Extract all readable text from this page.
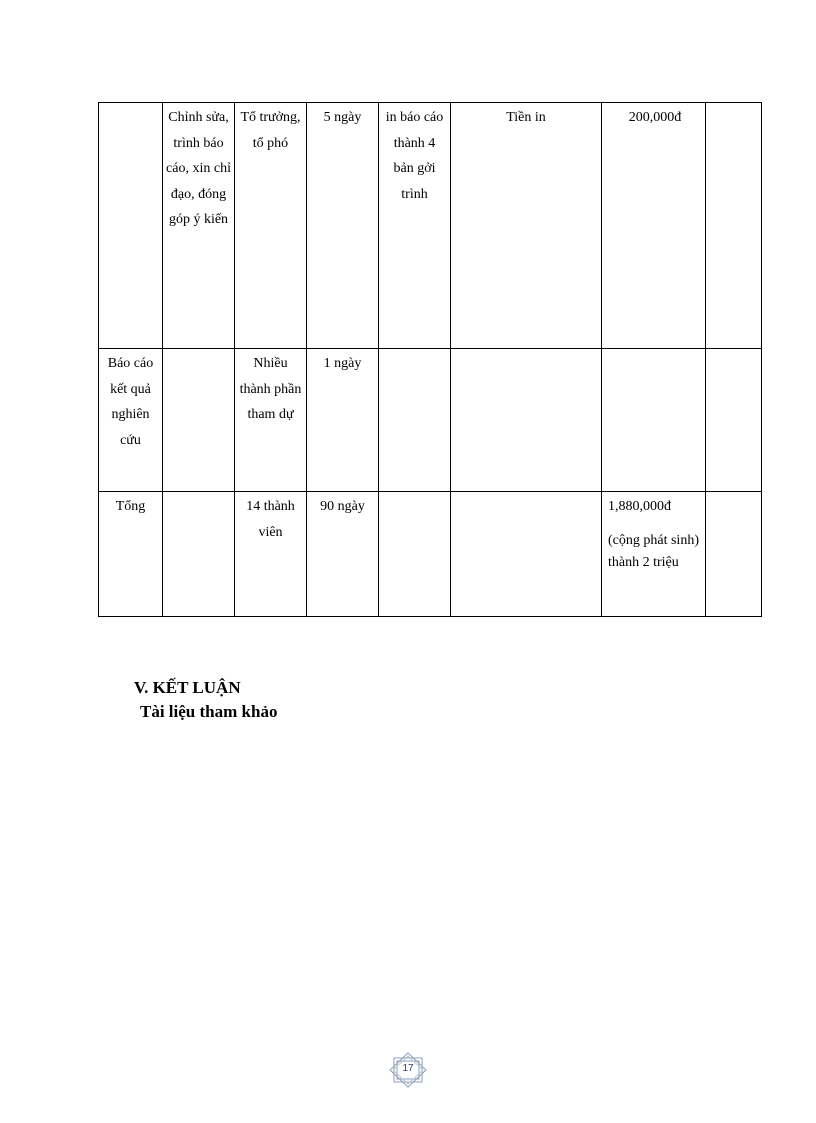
	Chỉnh sửa, trình báo cáo, xin chỉ đạo, đóng góp ý kiến	Tổ trưởng, tổ phó	5 ngày	in báo cáo thành 4 bản gởi trình	Tiền in	200,000đ	

Báo cáo kết quả nghiên cứu		Nhiều thành phần tham dự	1 ngày				
Tổng		14 thành viên	90 ngày			1,880,000đ
(cộng phát sinh) thành 2 triệu	

V. KẾT LUẬN
Tài liệu tham khảo
17
